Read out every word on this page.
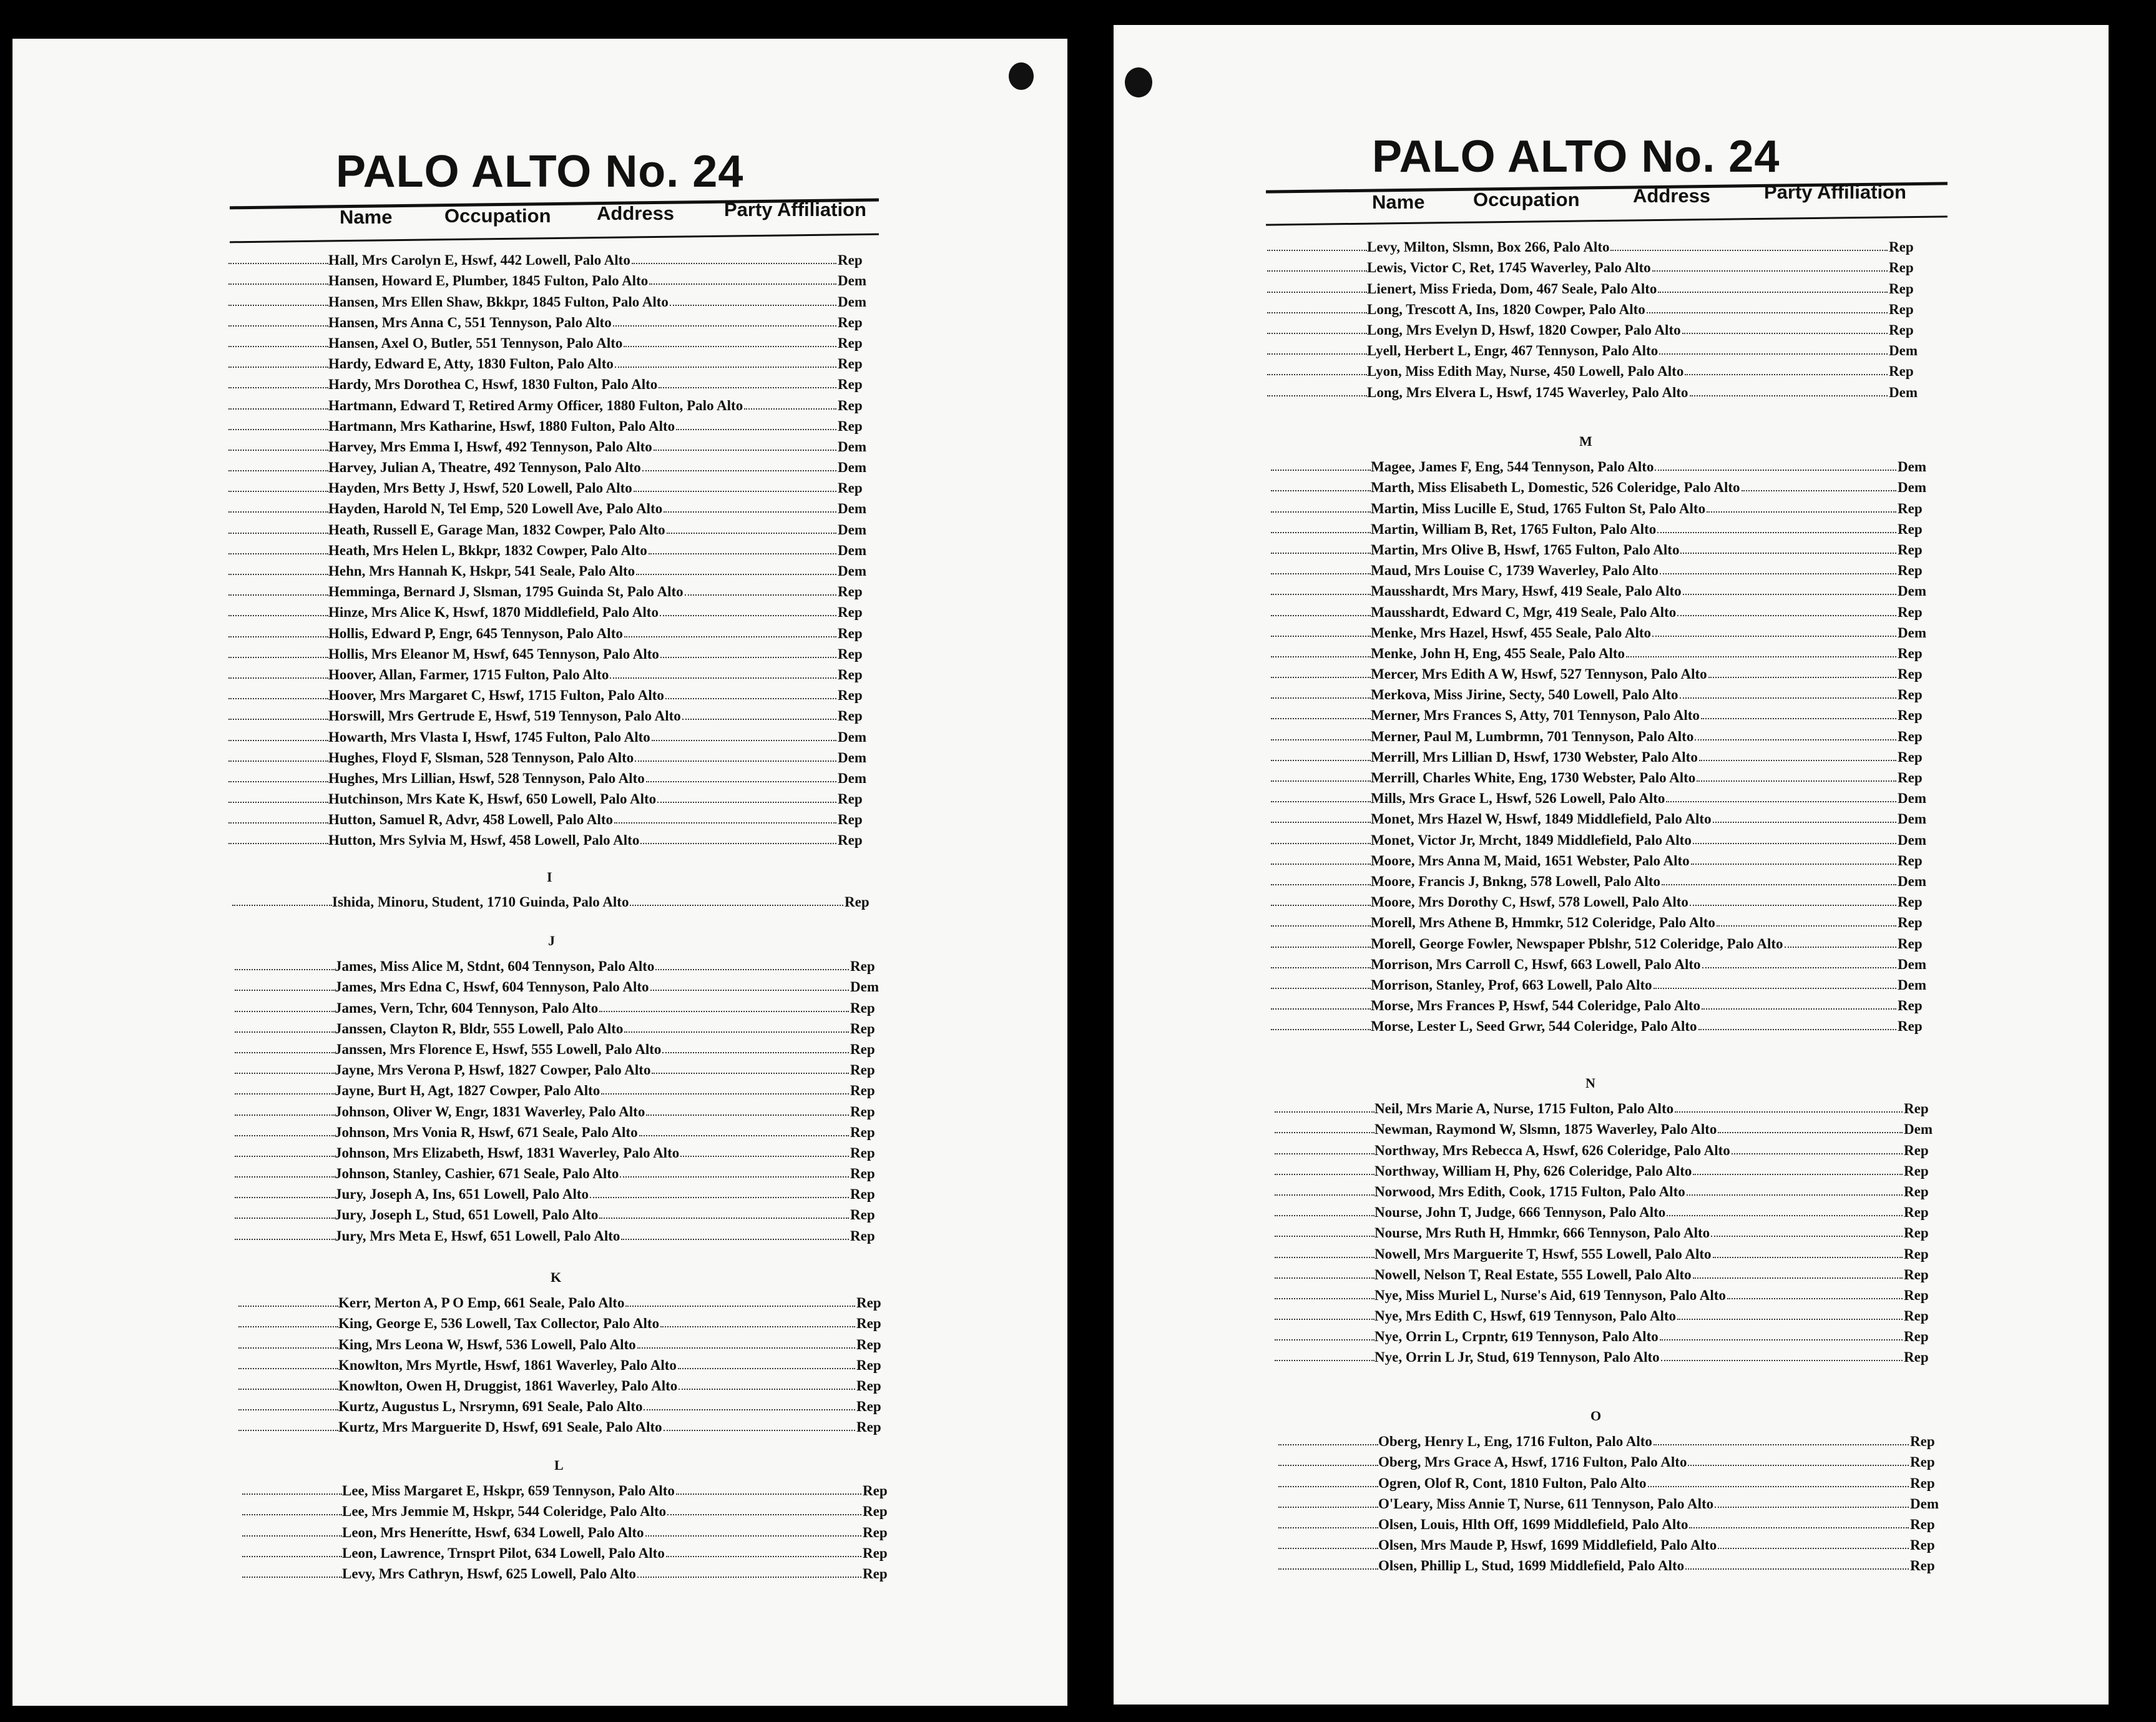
PALO ALTO No. 24
Name	Occupation Address	Party Affiliation
Hall, Mrs Carolyn E, Hswf, 442 Lowell, Palo Alto	Rep
Hansen, Howard E, Plumber, 1845 Fulton, Palo Alto	Dem
Hansen, Mrs Ellen Shaw, Bkkpr, 1845 Fulton, Palo Alto	Dem
Hansen, Mrs Anna C, 551 Tennyson, Palo Alto	Rep
Hansen, Axel O, Butler, 551 Tennyson, Palo Alto	Rep
Hardy, Edward E, Atty, 1830 Fulton, Palo Alto	Rep
Hardy, Mrs Dorothea C, Hswf, 1830 Fulton, Palo Alto	Rep
Hartmann, Edward T, Retired Army Officer, 1880 Fulton, Palo Alto	Rep
Hartmann, Mrs Katharine, Hswf, 1880 Fulton, Palo Alto	Rep
Harvey, Mrs Emma I, Hswf, 492 Tennyson, Palo Alto	Dem
Harvey, Julian A, Theatre, 492 Tennyson, Palo Alto	Dem
Hayden, Mrs Betty J, Hswf, 520 Lowell, Palo Alto	Rep
Hayden, Harold N, Tel Emp, 520 Lowell Ave, Palo Alto	Dem
Heath, Russell E, Garage Man, 1832 Cowper, Palo Alto	Dem
Heath, Mrs Helen L, Bkkpr, 1832 Cowper, Palo Alto	Dem
Hehn, Mrs Hannah K, Hskpr, 541 Seale, Palo Alto	Dem
Hemminga, Bernard J, Slsman, 1795 Guinda St, Palo Alto	Rep
Hinze, Mrs Alice K, Hswf, 1870 Middlefield, Palo Alto	Rep
Hollis, Edward P, Engr, 645 Tennyson, Palo Alto	Rep
Hollis, Mrs Eleanor M, Hswf, 645 Tennyson, Palo Alto	Rep
Hoover, Allan, Farmer, 1715 Fulton, Palo Alto	Rep
Hoover, Mrs Margaret C, Hswf, 1715 Fulton, Palo Alto	Rep
Horswill, Mrs Gertrude E, Hswf, 519 Tennyson, Palo Alto	Rep
Howarth, Mrs Vlasta I, Hswf, 1745 Fulton, Palo Alto	Dem
Hughes, Floyd F, Slsman, 528 Tennyson, Palo Alto	Dem
Hughes, Mrs Lillian, Hswf, 528 Tennyson, Palo Alto	Dem
Hutchinson, Mrs Kate K, Hswf, 650 Lowell, Palo Alto	Rep
Hutton, Samuel R, Advr, 458 Lowell, Palo Alto	Rep
Hutton, Mrs Sylvia M, Hswf, 458 Lowell, Palo Alto	Rep
I
Ishida, Minoru, Student, 1710 Guinda, Palo Alto	Rep
J
James, Miss Alice M, Stdnt, 604 Tennyson, Palo Alto	Rep
James, Mrs Edna C, Hswf, 604 Tennyson, Palo Alto	Dem
James, Vern, Tchr, 604 Tennyson, Palo Alto	Rep
Janssen, Clayton R, Bldr, 555 Lowell, Palo Alto	Rep
Janssen, Mrs Florence E, Hswf, 555 Lowell, Palo Alto	Rep
Jayne, Mrs Verona P, Hswf, 1827 Cowper, Palo Alto	Rep
Jayne, Burt H, Agt, 1827 Cowper, Palo Alto	Rep
Johnson, Oliver W, Engr, 1831 Waverley, Palo Alto	Rep
Johnson, Mrs Vonia R, Hswf, 671 Seale, Palo Alto	Rep
Johnson, Mrs Elizabeth, Hswf, 1831 Waverley, Palo Alto	Rep
Johnson, Stanley, Cashier, 671 Seale, Palo Alto	Rep
Jury, Joseph A, Ins, 651 Lowell, Palo Alto	Rep
Jury, Joseph L, Stud, 651 Lowell, Palo Alto	Rep
Jury, Mrs Meta E, Hswf, 651 Lowell, Palo Alto	Rep
K
Kerr, Merton A, P O Emp, 661 Seale, Palo Alto	Rep
King, George E, 536 Lowell, Tax Collector, Palo Alto	Rep
King, Mrs Leona W, Hswf, 536 Lowell, Palo Alto	Rep
Knowlton, Mrs Myrtle, Hswf, 1861 Waverley, Palo Alto	Rep
Knowlton, Owen H, Druggist, 1861 Waverley, Palo Alto	Rep
Kurtz, Augustus L, Nrsrymn, 691 Seale, Palo Alto	Rep
Kurtz, Mrs Marguerite D, Hswf, 691 Seale, Palo Alto	Rep
L
Lee, Miss Margaret E, Hskpr, 659 Tennyson, Palo Alto	Rep
Lee, Mrs Jemmie M, Hskpr, 544 Coleridge, Palo Alto	Rep
Leon, Mrs Henerítte, Hswf, 634 Lowell, Palo Alto	Rep
Leon, Lawrence, Trnsprt Pilot, 634 Lowell, Palo Alto	Rep
Levy, Mrs Cathryn, Hswf, 625 Lowell, Palo Alto	Rep
PALO ALTO No. 24
Name	Occupation	Address	Party Affiliation
Levy, Milton, Slsmn, Box 266, Palo Alto	Rep
Lewis, Victor C, Ret, 1745 Waverley, Palo Alto	Rep
Lienert, Miss Frieda, Dom, 467 Seale, Palo Alto	Rep
Long, Trescott A, Ins, 1820 Cowper, Palo Alto	Rep
Long, Mrs Evelyn D, Hswf, 1820 Cowper, Palo Alto	Rep
Lyell, Herbert L, Engr, 467 Tennyson, Palo Alto	Dem
Lyon, Miss Edith May, Nurse, 450 Lowell, Palo Alto	Rep
Long, Mrs Elvera L, Hswf, 1745 Waverley, Palo Alto	Dem
M
Magee, James F, Eng, 544 Tennyson, Palo Alto	Dem
Marth, Miss Elisabeth L, Domestic, 526 Coleridge, Palo Alto	Dem
Martin, Miss Lucille E, Stud, 1765 Fulton St, Palo Alto	Rep
Martin, William B, Ret, 1765 Fulton, Palo Alto	Rep
Martin, Mrs Olive B, Hswf, 1765 Fulton, Palo Alto	Rep
Maud, Mrs Louise C, 1739 Waverley, Palo Alto	Rep
Mausshardt, Mrs Mary, Hswf, 419 Seale, Palo Alto	Dem
Mausshardt, Edward C, Mgr, 419 Seale, Palo Alto	Rep
Menke, Mrs Hazel, Hswf, 455 Seale, Palo Alto	Dem
Menke, John H, Eng, 455 Seale, Palo Alto	Rep
Mercer, Mrs Edith A W, Hswf, 527 Tennyson, Palo Alto	Rep
Merkova, Miss Jirine, Secty, 540 Lowell, Palo Alto	Rep
Merner, Mrs Frances S, Atty, 701 Tennyson, Palo Alto	Rep
Merner, Paul M, Lumbrmn, 701 Tennyson, Palo Alto	Rep
Merrill, Mrs Lillian D, Hswf, 1730 Webster, Palo Alto	Rep
Merrill, Charles White, Eng, 1730 Webster, Palo Alto	Rep
Mills, Mrs Grace L, Hswf, 526 Lowell, Palo Alto	Dem
Monet, Mrs Hazel W, Hswf, 1849 Middlefield, Palo Alto	Dem
Monet, Victor Jr, Mrcht, 1849 Middlefield, Palo Alto	Dem
Moore, Mrs Anna M, Maid, 1651 Webster, Palo Alto	Rep
Moore, Francis J, Bnkng, 578 Lowell, Palo Alto	Dem
Moore, Mrs Dorothy C, Hswf, 578 Lowell, Palo Alto	Rep
Morell, Mrs Athene B, Hmmkr, 512 Coleridge, Palo Alto	Rep
Morell, George Fowler, Newspaper Pblshr, 512 Coleridge, Palo Alto	Rep
Morrison, Mrs Carroll C, Hswf, 663 Lowell, Palo Alto	Dem
Morrison, Stanley, Prof, 663 Lowell, Palo Alto	Dem
Morse, Mrs Frances P, Hswf, 544 Coleridge, Palo Alto	Rep
Morse, Lester L, Seed Grwr, 544 Coleridge, Palo Alto	Rep
N
Neil, Mrs Marie A, Nurse, 1715 Fulton, Palo Alto	Rep
Newman, Raymond W, Slsmn, 1875 Waverley, Palo Alto	Dem
Northway, Mrs Rebecca A, Hswf, 626 Coleridge, Palo Alto	Rep
Northway, William H, Phy, 626 Coleridge, Palo Alto	Rep
Norwood, Mrs Edith, Cook, 1715 Fulton, Palo Alto	Rep
Nourse, John T, Judge, 666 Tennyson, Palo Alto	Rep
Nourse, Mrs Ruth H, Hmmkr, 666 Tennyson, Palo Alto	Rep
Nowell, Mrs Marguerite T, Hswf, 555 Lowell, Palo Alto	Rep
Nowell, Nelson T, Real Estate, 555 Lowell, Palo Alto	Rep
Nye, Miss Muriel L, Nurse's Aid, 619 Tennyson, Palo Alto	Rep
Nye, Mrs Edith C, Hswf, 619 Tennyson, Palo Alto	Rep
Nye, Orrin L, Crpntr, 619 Tennyson, Palo Alto	Rep
Nye, Orrin L Jr, Stud, 619 Tennyson, Palo Alto	Rep
O
Oberg, Henry L, Eng, 1716 Fulton, Palo Alto	Rep
Oberg, Mrs Grace A, Hswf, 1716 Fulton, Palo Alto	Rep
Ogren, Olof R, Cont, 1810 Fulton, Palo Alto	Rep
O'Leary, Miss Annie T, Nurse, 611 Tennyson, Palo Alto	Dem
Olsen, Louis, Hlth Off, 1699 Middlefield, Palo Alto	Rep
Olsen, Mrs Maude P, Hswf, 1699 Middlefield, Palo Alto	Rep
Olsen, Phillip L, Stud, 1699 Middlefield, Palo Alto	Rep
